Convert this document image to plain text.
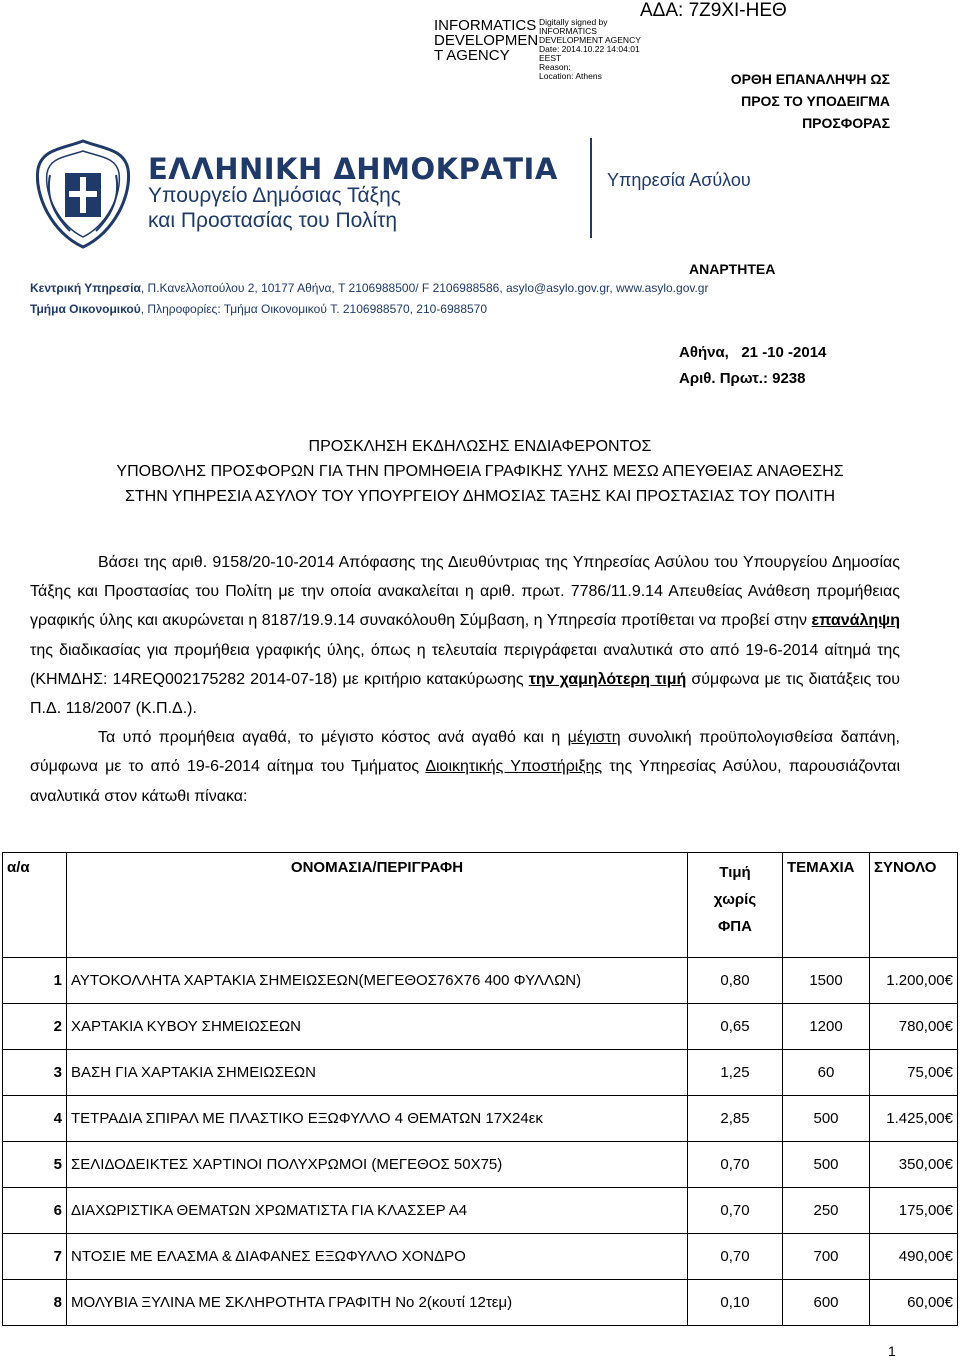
INFORMATICS
DEVELOPMEN
T AGENCY
Digitally signed by
INFORMATICS
DEVELOPMENT AGENCY
Date: 2014.10.22 14:04:01
EEST
Reason:
Location: Athens
ΑΔΑ: 7Ζ9ΧΙ-ΗΕΘ
ΟΡΘΗ ΕΠΑΝΑΛΗΨΗ ΩΣ
ΠΡΟΣ ΤΟ ΥΠΟΔΕΙΓΜΑ
ΠΡΟΣΦΟΡΑΣ
ΕΛΛΗΝΙΚΗ ΔΗΜΟΚΡΑΤΙΑ
Υπουργείο Δημόσιας Τάξης
και Προστασίας του Πολίτη
Υπηρεσία Ασύλου
ΑΝΑΡΤΗΤΕΑ
Κεντρική Υπηρεσία, Π.Κανελλοπούλου 2, 10177 Αθήνα, T 2106988500/ F 2106988586, asylo@asylo.gov.gr, www.asylo.gov.gr
Τμήμα Οικονομικού, Πληροφορίες: Τμήμα Οικονομικού T. 2106988570, 210-6988570
Αθήνα,   21 -10 -2014
Αριθ. Πρωτ.: 9238
ΠΡΟΣΚΛΗΣΗ ΕΚΔΗΛΩΣΗΣ ΕΝΔΙΑΦΕΡΟΝΤΟΣ
ΥΠΟΒΟΛΗΣ ΠΡΟΣΦΟΡΩΝ ΓΙΑ ΤΗΝ ΠΡΟΜΗΘΕΙΑ ΓΡΑΦΙΚΗΣ ΥΛΗΣ ΜΕΣΩ ΑΠΕΥΘΕΙΑΣ ΑΝΑΘΕΣΗΣ
ΣΤΗΝ ΥΠΗΡΕΣΙΑ ΑΣΥΛΟΥ ΤΟΥ ΥΠΟΥΡΓΕΙΟΥ ΔΗΜΟΣΙΑΣ ΤΑΞΗΣ ΚΑΙ ΠΡΟΣΤΑΣΙΑΣ ΤΟΥ ΠΟΛΙΤΗ

Βάσει της αριθ. 9158/20-10-2014 Απόφασης της Διευθύντριας της Υπηρεσίας Ασύλου του Υπουργείου Δημοσίας Τάξης και Προστασίας του Πολίτη με την οποία ανακαλείται η αριθ. πρωτ. 7786/11.9.14 Απευθείας Ανάθεση προμήθειας γραφικής ύλης και ακυρώνεται η 8187/19.9.14 συνακόλουθη Σύμβαση, η Υπηρεσία προτίθεται να προβεί στην επανάληψη της διαδικασίας για προμήθεια γραφικής ύλης, όπως η τελευταία περιγράφεται αναλυτικά στο από 19-6-2014 αίτημά της (ΚΗΜΔΗΣ: 14REQ002175282 2014-07-18) με κριτήριο κατακύρωσης την χαμηλότερη τιμή σύμφωνα με τις διατάξεις του Π.Δ. 118/2007 (Κ.Π.Δ.).

Τα υπό προμήθεια αγαθά, το μέγιστο κόστος ανά αγαθό και η μέγιστη συνολική προϋπολογισθείσα δαπάνη, σύμφωνα με το από 19-6-2014 αίτημα του Τμήματος Διοικητικής Υποστήριξης της Υπηρεσίας Ασύλου, παρουσιάζονται αναλυτικά στον κάτωθι πίνακα:

α/α	ΟΝΟΜΑΣΙΑ/ΠΕΡΙΓΡΑΦΗ	Τιμή
χωρίς
ΦΠΑ	ΤΕΜΑΧΙΑ	ΣΥΝΟΛΟ
1	ΑΥΤΟΚΟΛΛΗΤΑ ΧΑΡΤΑΚΙΑ ΣΗΜΕΙΩΣΕΩΝ(ΜΕΓΕΘΟΣ76Χ76 400 ΦΥΛΛΩΝ)	0,80	1500	1.200,00€
2	ΧΑΡΤΑΚΙΑ ΚΥΒΟΥ ΣΗΜΕΙΩΣΕΩΝ	0,65	1200	780,00€
3	ΒΑΣΗ ΓΙΑ ΧΑΡΤΑΚΙΑ ΣΗΜΕΙΩΣΕΩΝ	1,25	60	75,00€
4	ΤΕΤΡΑΔΙΑ ΣΠΙΡΑΛ ΜΕ ΠΛΑΣΤΙΚΟ ΕΞΩΦΥΛΛΟ 4 ΘΕΜΑΤΩΝ 17Χ24εκ	2,85	500	1.425,00€
5	ΣΕΛΙΔΟΔΕΙΚΤΕΣ ΧΑΡΤΙΝΟΙ ΠΟΛΥΧΡΩΜΟΙ (ΜΕΓΕΘΟΣ 50Χ75)	0,70	500	350,00€
6	ΔΙΑΧΩΡΙΣΤΙΚΑ ΘΕΜΑΤΩΝ ΧΡΩΜΑΤΙΣΤΑ ΓΙΑ ΚΛΑΣΣΕΡ Α4	0,70	250	175,00€
7	ΝΤΟΣΙΕ ΜΕ ΕΛΑΣΜΑ & ΔΙΑΦΑΝΕΣ ΕΞΩΦΥΛΛΟ ΧΟΝΔΡΟ	0,70	700	490,00€
8	ΜΟΛΥΒΙΑ ΞΥΛΙΝΑ ΜΕ ΣΚΛΗΡΟΤΗΤΑ ΓΡΑΦΙΤΗ No 2(κουτί 12τεμ)	0,10	600	60,00€
1
